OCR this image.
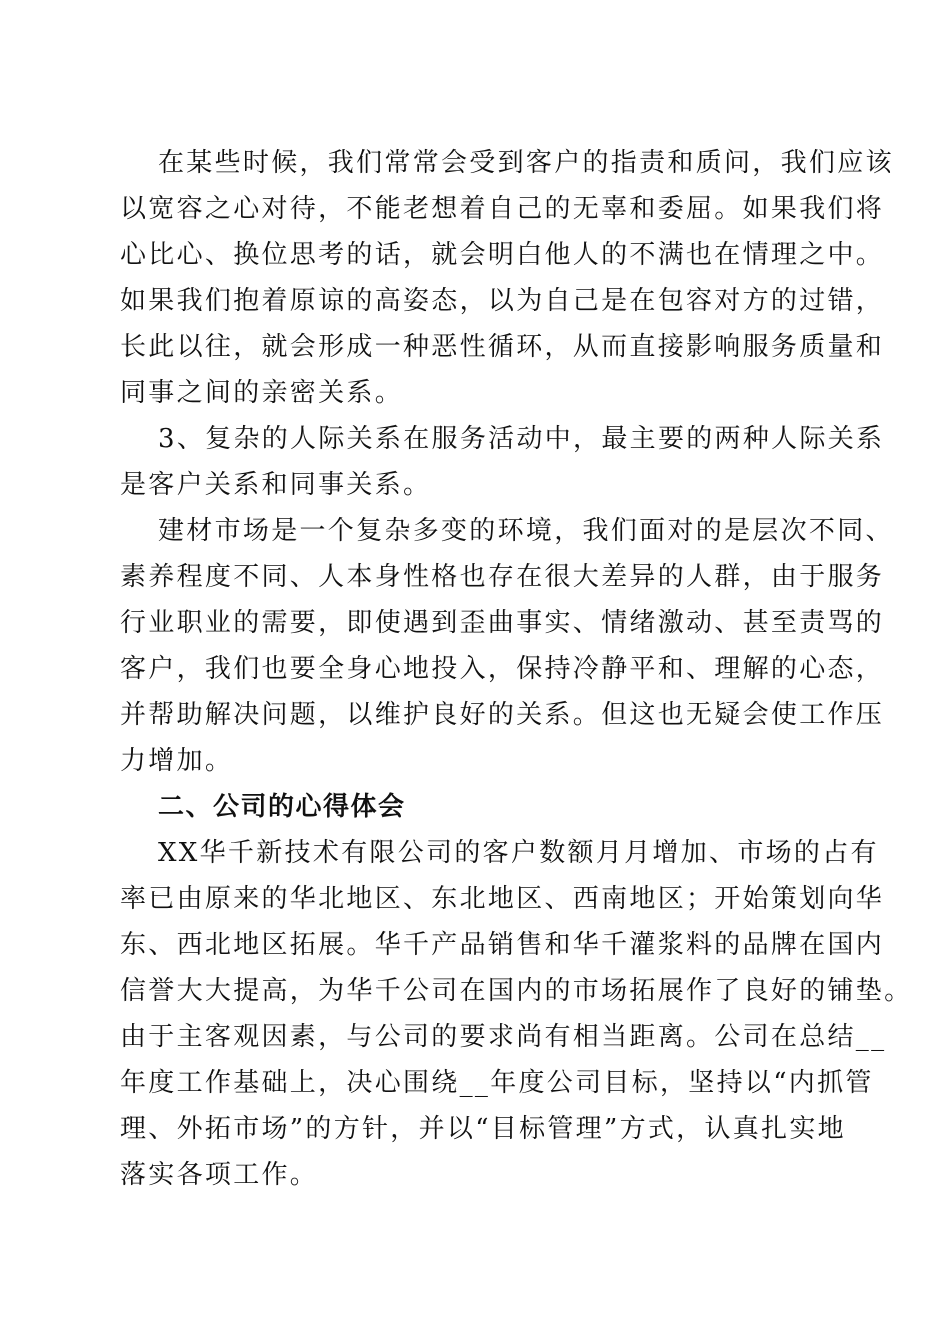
在某些时候，我们常常会受到客户的指责和质问，我们应该
以宽容之心对待，不能老想着自己的无辜和委屈。如果我们将
心比心、换位思考的话，就会明白他人的不满也在情理之中。
如果我们抱着原谅的高姿态，以为自己是在包容对方的过错，
长此以往，就会形成一种恶性循环，从而直接影响服务质量和
同事之间的亲密关系。
3、复杂的人际关系在服务活动中，最主要的两种人际关系
是客户关系和同事关系。
建材市场是一个复杂多变的环境，我们面对的是层次不同、
素养程度不同、人本身性格也存在很大差异的人群，由于服务
行业职业的需要，即使遇到歪曲事实、情绪激动、甚至责骂的
客户，我们也要全身心地投入，保持冷静平和、理解的心态，
并帮助解决问题，以维护良好的关系。但这也无疑会使工作压
力增加。
二、公司的心得体会
XX华千新技术有限公司的客户数额月月增加、市场的占有
率已由原来的华北地区、东北地区、西南地区；开始策划向华
东、西北地区拓展。华千产品销售和华千灌浆料的品牌在国内
信誉大大提高，为华千公司在国内的市场拓展作了良好的铺垫。
由于主客观因素，与公司的要求尚有相当距离。公司在总结__
年度工作基础上，决心围绕__年度公司目标，坚持以“内抓管
理、外拓市场”的方针，并以“目标管理”方式，认真扎实地
落实各项工作。
